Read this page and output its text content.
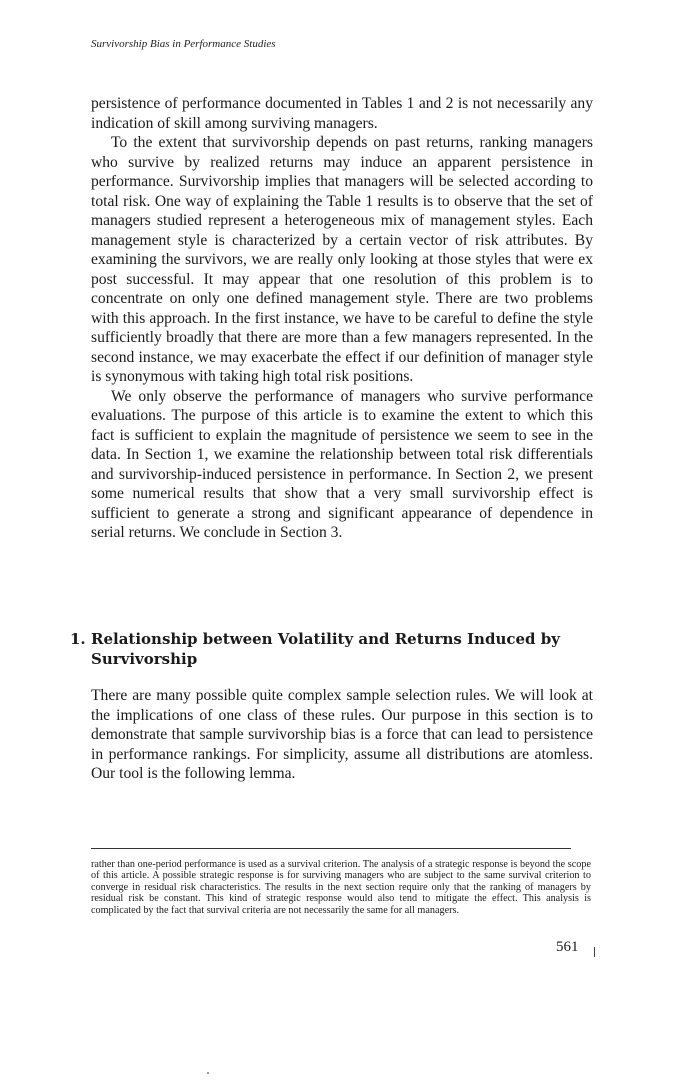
Survivorship Bias in Performance Studies

persistence of performance documented in Tables 1 and 2 is not necessarily any indication of skill among surviving managers.

To the extent that survivorship depends on past returns, ranking managers who survive by realized returns may induce an apparent persistence in performance. Survivorship implies that managers will be selected according to total risk. One way of explaining the Table 1 results is to observe that the set of managers studied represent a heterogeneous mix of management styles. Each management style is characterized by a certain vector of risk attributes. By examining the survivors, we are really only looking at those styles that were ex post successful. It may appear that one resolution of this problem is to concentrate on only one defined management style. There are two problems with this approach. In the first instance, we have to be careful to define the style sufficiently broadly that there are more than a few managers represented. In the second instance, we may exacerbate the effect if our definition of manager style is synonymous with taking high total risk positions.

We only observe the performance of managers who survive performance evaluations. The purpose of this article is to examine the extent to which this fact is sufficient to explain the magnitude of persistence we seem to see in the data. In Section 1, we examine the relationship between total risk differentials and survivorship-induced persistence in performance. In Section 2, we present some numerical results that show that a very small survivorship effect is sufficient to generate a strong and significant appearance of dependence in serial returns. We conclude in Section 3.

1. Relationship between Volatility and Returns Induced by Survivorship

There are many possible quite complex sample selection rules. We will look at the implications of one class of these rules. Our purpose in this section is to demonstrate that sample survivorship bias is a force that can lead to persistence in performance rankings. For simplicity, assume all distributions are atomless. Our tool is the following lemma.

rather than one-period performance is used as a survival criterion. The analysis of a strategic response is beyond the scope of this article. A possible strategic response is for surviving managers who are subject to the same survival criterion to converge in residual risk characteristics. The results in the next section require only that the ranking of managers by residual risk be constant. This kind of strategic response would also tend to mitigate the effect. This analysis is complicated by the fact that survival criteria are not necessarily the same for all managers.
561
